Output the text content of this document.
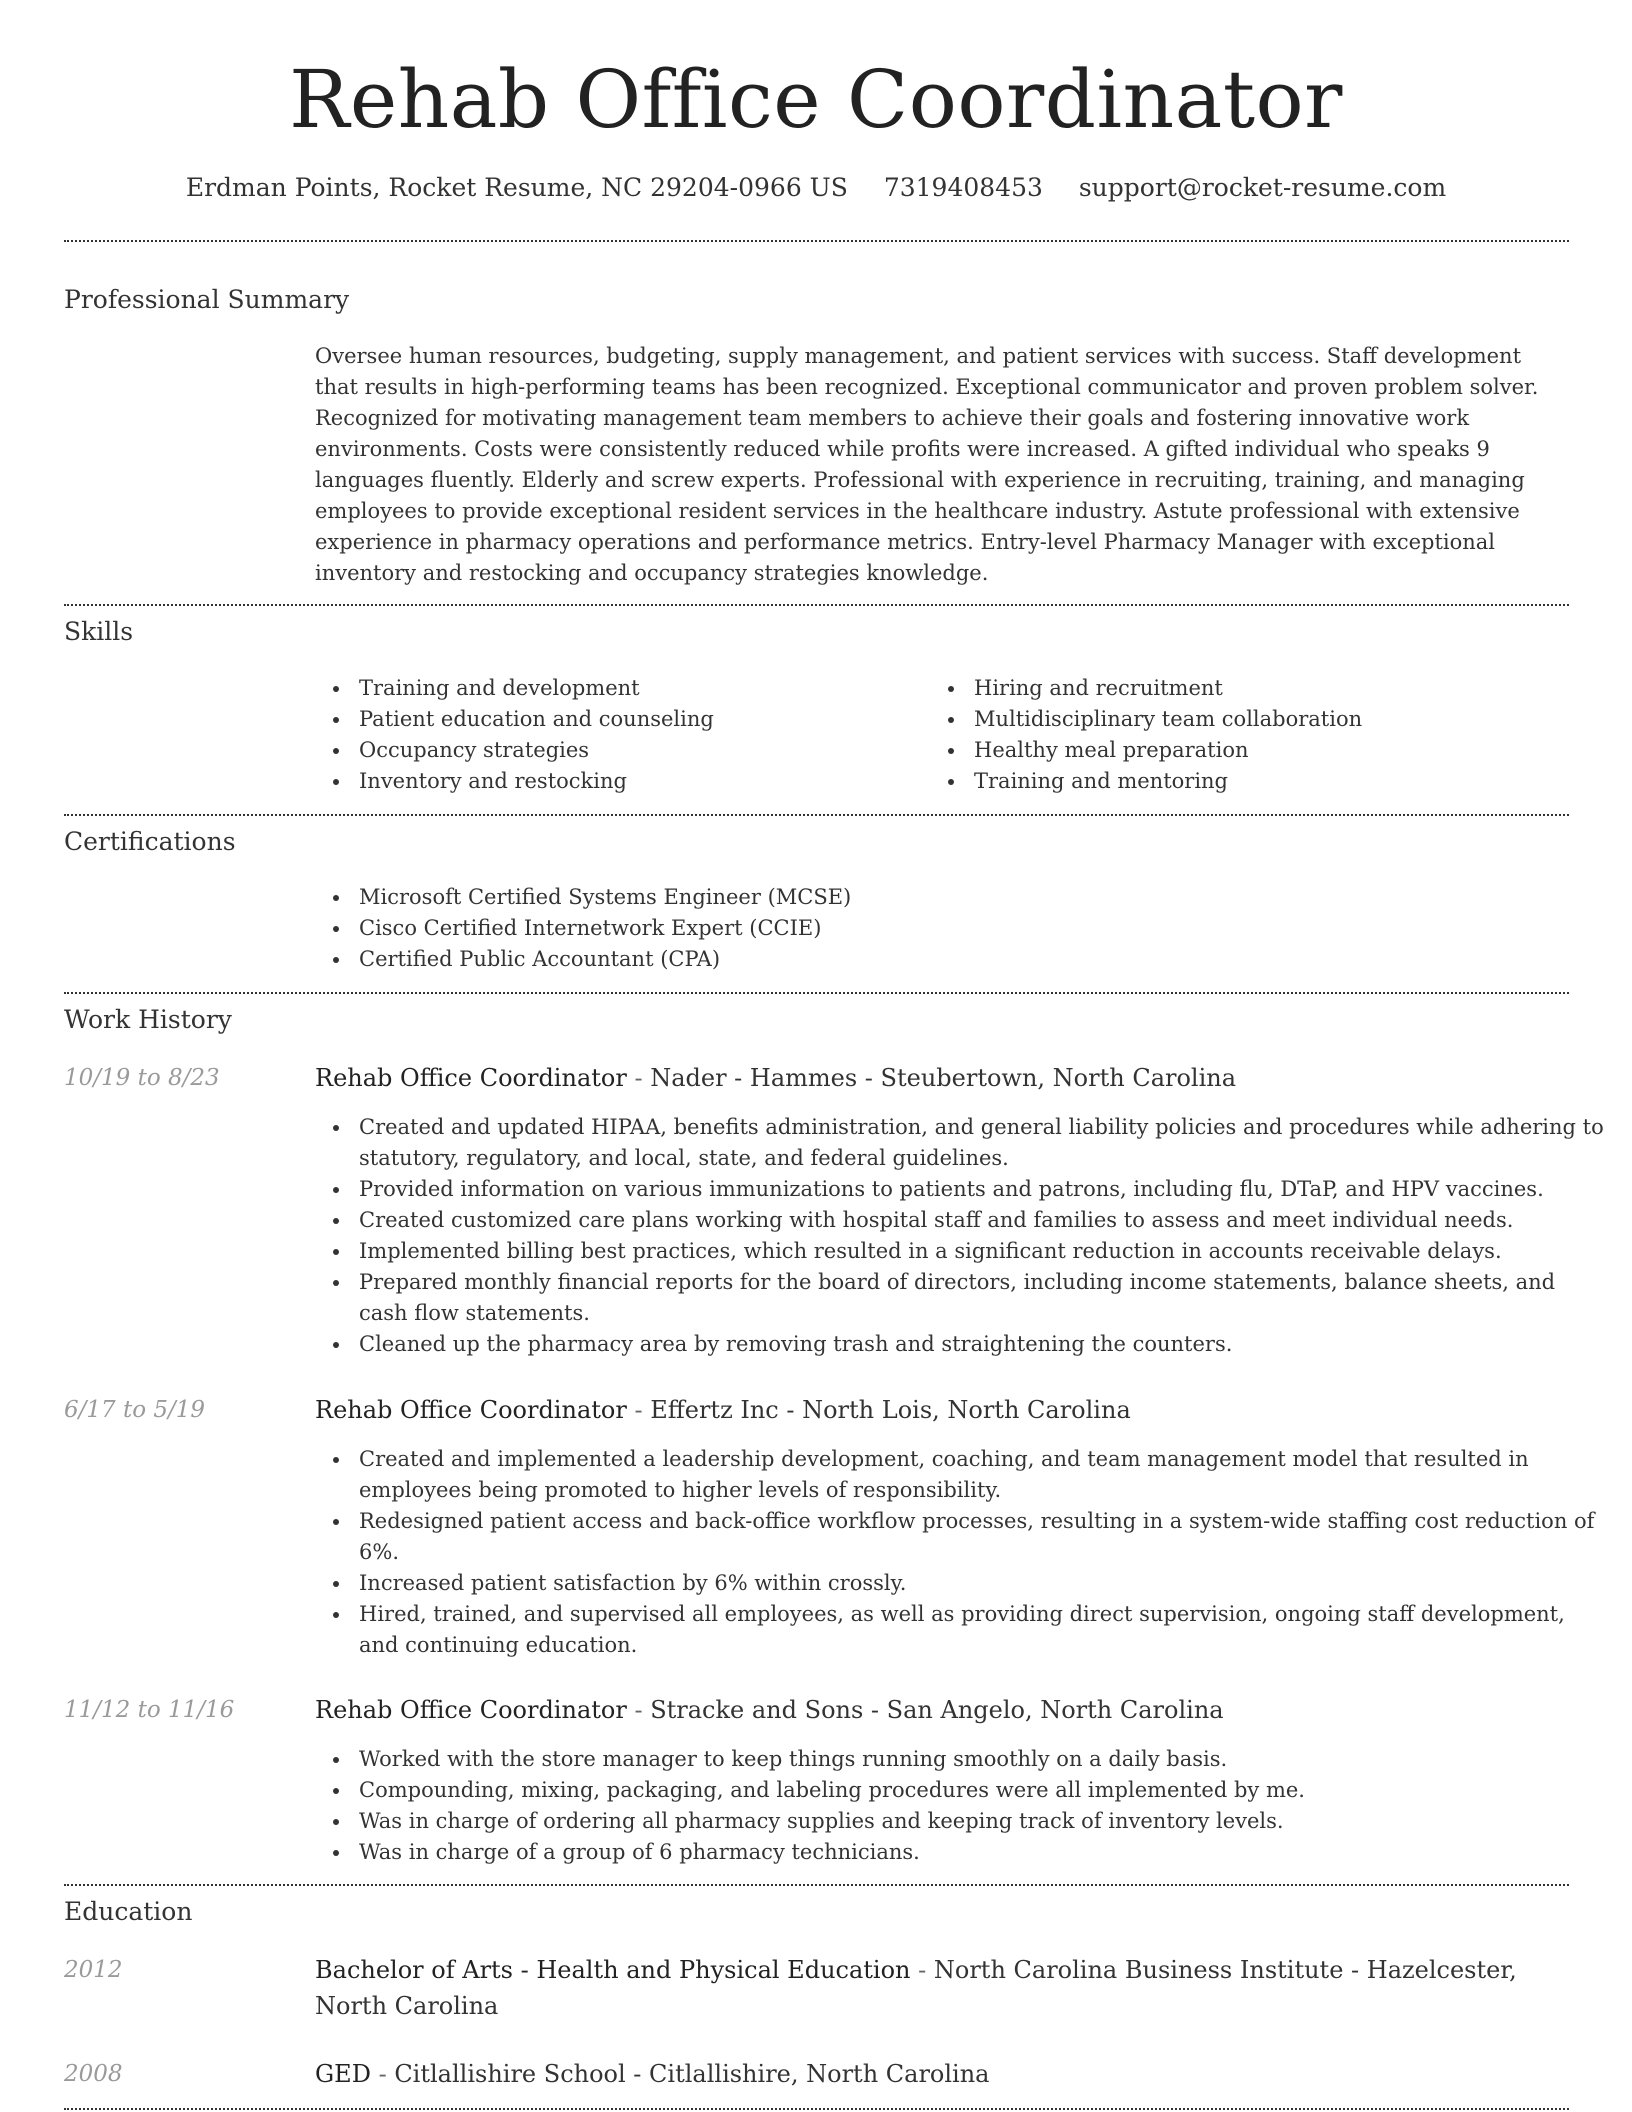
Rehab Office Coordinator
Erdman Points, Rocket Resume, NC 29204-0966 US 7319408453 support@rocket-resume.com
Professional Summary

Oversee human resources, budgeting, supply management, and patient services with success. Staff development that results in high-performing teams has been recognized. Exceptional communicator and proven problem solver. Recognized for motivating management team members to achieve their goals and fostering innovative work environments. Costs were consistently reduced while profits were increased. A gifted individual who speaks 9 languages fluently. Elderly and screw experts. Professional with experience in recruiting, training, and managing employees to provide exceptional resident services in the healthcare industry. Astute professional with extensive experience in pharmacy operations and performance metrics. Entry-level Pharmacy Manager with exceptional inventory and restocking and occupancy strategies knowledge.

Skills
Training and development
Patient education and counseling
Occupancy strategies
Inventory and restocking
Hiring and recruitment
Multidisciplinary team collaboration
Healthy meal preparation
Training and mentoring
Certifications
Microsoft Certified Systems Engineer (MCSE)
Cisco Certified Internetwork Expert (CCIE)
Certified Public Accountant (CPA)
Work History
10/19 to 8/23	Rehab Office Coordinator - Nader - Hammes - Steubertown, North Carolina
Created and updated HIPAA, benefits administration, and general liability policies and procedures while adhering to statutory, regulatory, and local, state, and federal guidelines.
Provided information on various immunizations to patients and patrons, including flu, DTaP, and HPV vaccines.
Created customized care plans working with hospital staff and families to assess and meet individual needs.
Implemented billing best practices, which resulted in a significant reduction in accounts receivable delays.
Prepared monthly financial reports for the board of directors, including income statements, balance sheets, and cash flow statements.
Cleaned up the pharmacy area by removing trash and straightening the counters.
6/17 to 5/19	Rehab Office Coordinator - Effertz Inc - North Lois, North Carolina
Created and implemented a leadership development, coaching, and team management model that resulted in employees being promoted to higher levels of responsibility.
Redesigned patient access and back-office workflow processes, resulting in a system-wide staffing cost reduction of 6%.
Increased patient satisfaction by 6% within crossly.
Hired, trained, and supervised all employees, as well as providing direct supervision, ongoing staff development, and continuing education.
11/12 to 11/16	Rehab Office Coordinator - Stracke and Sons - San Angelo, North Carolina
Worked with the store manager to keep things running smoothly on a daily basis.
Compounding, mixing, packaging, and labeling procedures were all implemented by me.
Was in charge of ordering all pharmacy supplies and keeping track of inventory levels.
Was in charge of a group of 6 pharmacy technicians.
Education
2012	Bachelor of Arts - Health and Physical Education - North Carolina Business Institute - Hazelcester, North Carolina
2008	GED - Citlallishire School - Citlallishire, North Carolina
